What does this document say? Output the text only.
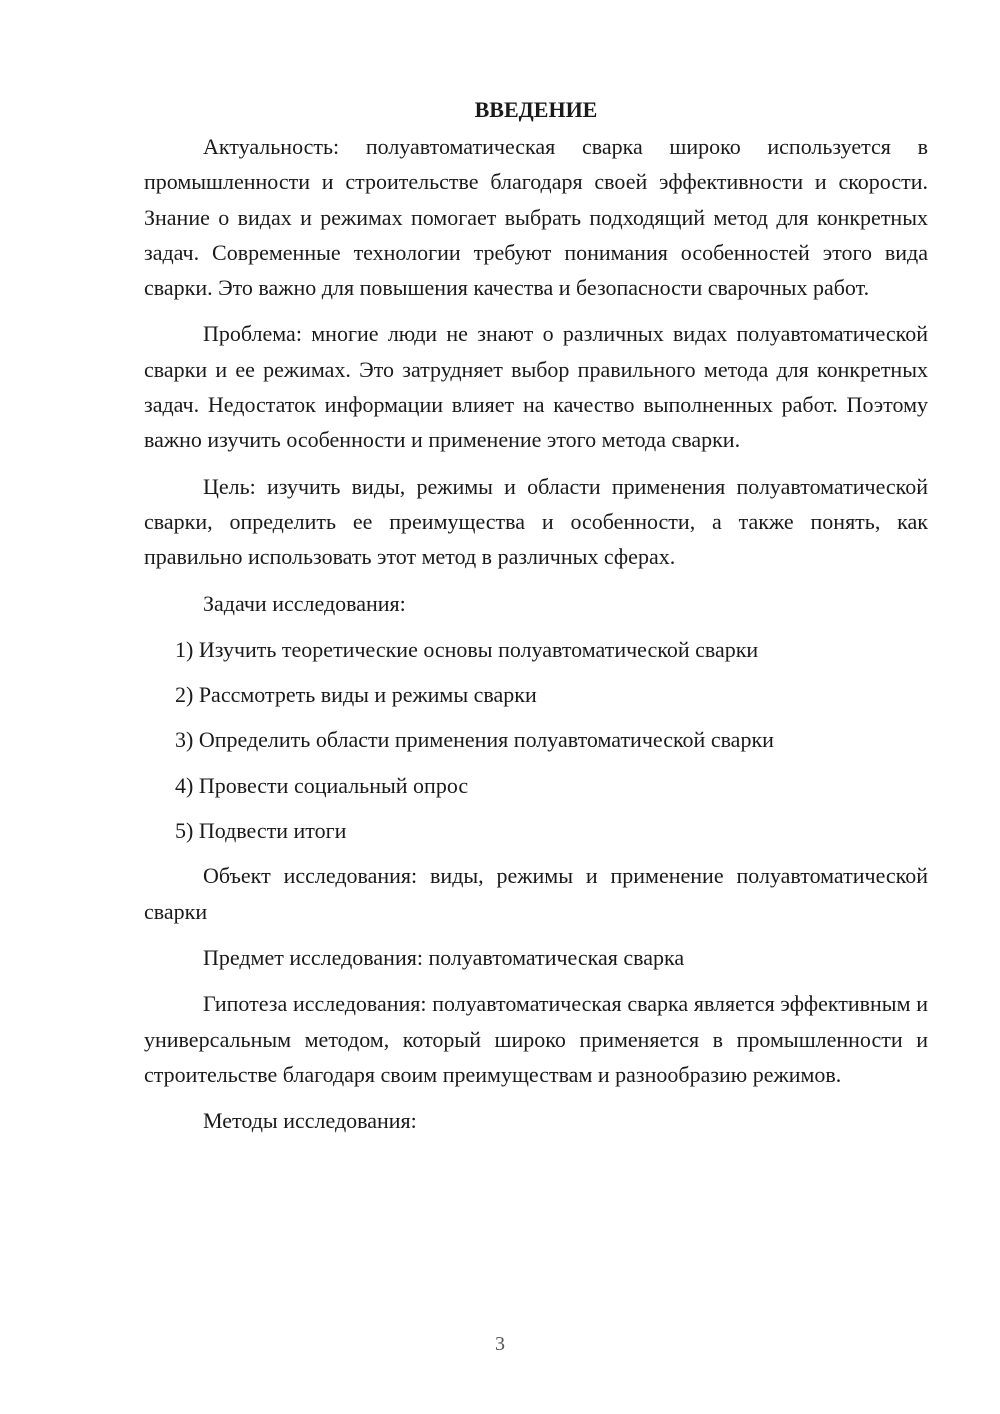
ВВЕДЕНИЕ

Актуальность: полуавтоматическая сварка широко используется в промышленности и строительстве благодаря своей эффективности и скорости. Знание о видах и режимах помогает выбрать подходящий метод для конкретных задач. Современные технологии требуют понимания особенностей этого вида сварки. Это важно для повышения качества и безопасности сварочных работ.

Проблема: многие люди не знают о различных видах полуавтоматической сварки и ее режимах. Это затрудняет выбор правильного метода для конкретных задач. Недостаток информации влияет на качество выполненных работ. Поэтому важно изучить особенности и применение этого метода сварки.

Цель: изучить виды, режимы и области применения полуавтоматической сварки, определить ее преимущества и особенности, а также понять, как правильно использовать этот метод в различных сферах.

Задачи исследования:

1) Изучить теоретические основы полуавтоматической сварки
2) Рассмотреть виды и режимы сварки
3) Определить области применения полуавтоматической сварки
4) Провести социальный опрос
5) Подвести итоги

Объект исследования: виды, режимы и применение полуавтоматической сварки

Предмет исследования: полуавтоматическая сварка

Гипотеза исследования: полуавтоматическая сварка является эффективным и универсальным методом, который широко применяется в промышленности и строительстве благодаря своим преимуществам и разнообразию режимов.

Методы исследования:

3
